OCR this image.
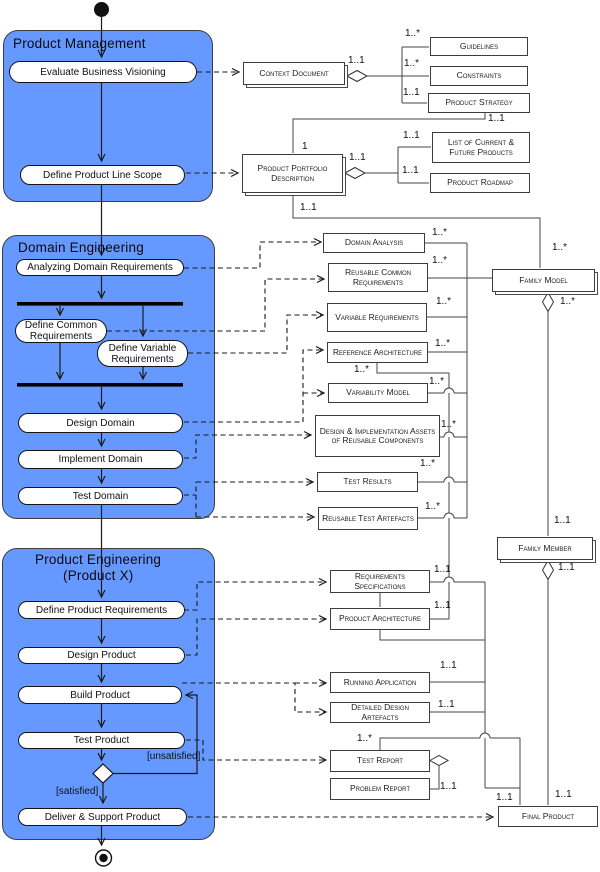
Product Management
Domain Engineering
Product Engineering
(Product X)
Evaluate Business Visioning
Define Product Line Scope
Analyzing Domain Requirements
Define Common Requirements
Define Variable Requirements
Design Domain
Implement Domain
Test Domain
Define Product Requirements
Design Product
Build Product
Test Product
Deliver & Support Product
Context Document
Guidelines
Constraints
Product Strategy
Product Portfolio Description
List of Current & Future Products
Product Roadmap
Domain Analysis
Reusable Common Requirements
Variable Requirements
Reference Architecture
Variability Model
Design & Implementation Assets of Reusable Components
Test Results
Reusable Test Artefacts
Family Model
Family Member
Requirements Specifications
Product Architecture
Running Application
Detailed Design Artefacts
Test Report
Problem Report
Final Product
1..*
1..*
1..1
1..1
1..1
1
1..1
1..1
1..1
1..1
1..*
1..*
1..*
1..*
1..*
1..*
1..*
1..*
1..*
1..*
1..*
1..1
1..1
1..1
1..1
1..1
1..1
1..*
1..1
1..1	1..1
[unsatisfied]
[satisfied]
